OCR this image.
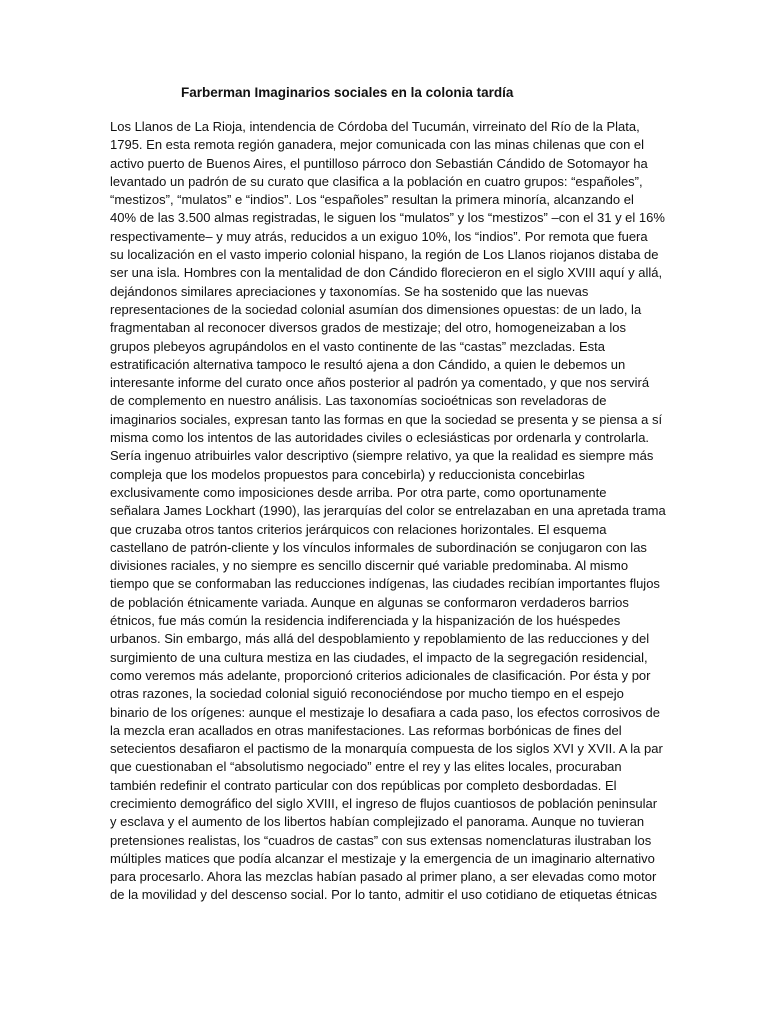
Farberman Imaginarios sociales en la colonia tardía
Los Llanos de La Rioja, intendencia de Córdoba del Tucumán, virreinato del Río de la Plata,
1795. En esta remota región ganadera, mejor comunicada con las minas chilenas que con el
activo puerto de Buenos Aires, el puntilloso párroco don Sebastián Cándido de Sotomayor ha
levantado un padrón de su curato que clasifica a la población en cuatro grupos: “españoles”,
“mestizos”, “mulatos” e “indios”. Los “españoles” resultan la primera minoría, alcanzando el
40% de las 3.500 almas registradas, le siguen los “mulatos” y los “mestizos” –con el 31 y el 16%
respectivamente– y muy atrás, reducidos a un exiguo 10%, los “indios”. Por remota que fuera
su localización en el vasto imperio colonial hispano, la región de Los Llanos riojanos distaba de
ser una isla. Hombres con la mentalidad de don Cándido florecieron en el siglo XVIII aquí y allá,
dejándonos similares apreciaciones y taxonomías. Se ha sostenido que las nuevas
representaciones de la sociedad colonial asumían dos dimensiones opuestas: de un lado, la
fragmentaban al reconocer diversos grados de mestizaje; del otro, homogeneizaban a los
grupos plebeyos agrupándolos en el vasto continente de las “castas” mezcladas. Esta
estratificación alternativa tampoco le resultó ajena a don Cándido, a quien le debemos un
interesante informe del curato once años posterior al padrón ya comentado, y que nos servirá
de complemento en nuestro análisis. Las taxonomías socioétnicas son reveladoras de
imaginarios sociales, expresan tanto las formas en que la sociedad se presenta y se piensa a sí
misma como los intentos de las autoridades civiles o eclesiásticas por ordenarla y controlarla.
Sería ingenuo atribuirles valor descriptivo (siempre relativo, ya que la realidad es siempre más
compleja que los modelos propuestos para concebirla) y reduccionista concebirlas
exclusivamente como imposiciones desde arriba. Por otra parte, como oportunamente
señalara James Lockhart (1990), las jerarquías del color se entrelazaban en una apretada trama
que cruzaba otros tantos criterios jerárquicos con relaciones horizontales. El esquema
castellano de patrón-cliente y los vínculos informales de subordinación se conjugaron con las
divisiones raciales, y no siempre es sencillo discernir qué variable predominaba. Al mismo
tiempo que se conformaban las reducciones indígenas, las ciudades recibían importantes flujos
de población étnicamente variada. Aunque en algunas se conformaron verdaderos barrios
étnicos, fue más común la residencia indiferenciada y la hispanización de los huéspedes
urbanos. Sin embargo, más allá del despoblamiento y repoblamiento de las reducciones y del
surgimiento de una cultura mestiza en las ciudades, el impacto de la segregación residencial,
como veremos más adelante, proporcionó criterios adicionales de clasificación. Por ésta y por
otras razones, la sociedad colonial siguió reconociéndose por mucho tiempo en el espejo
binario de los orígenes: aunque el mestizaje lo desafiara a cada paso, los efectos corrosivos de
la mezcla eran acallados en otras manifestaciones. Las reformas borbónicas de fines del
setecientos desafiaron el pactismo de la monarquía compuesta de los siglos XVI y XVII. A la par
que cuestionaban el “absolutismo negociado” entre el rey y las elites locales, procuraban
también redefinir el contrato particular con dos repúblicas por completo desbordadas. El
crecimiento demográfico del siglo XVIII, el ingreso de flujos cuantiosos de población peninsular
y esclava y el aumento de los libertos habían complejizado el panorama. Aunque no tuvieran
pretensiones realistas, los “cuadros de castas” con sus extensas nomenclaturas ilustraban los
múltiples matices que podía alcanzar el mestizaje y la emergencia de un imaginario alternativo
para procesarlo. Ahora las mezclas habían pasado al primer plano, a ser elevadas como motor
de la movilidad y del descenso social. Por lo tanto, admitir el uso cotidiano de etiquetas étnicas
